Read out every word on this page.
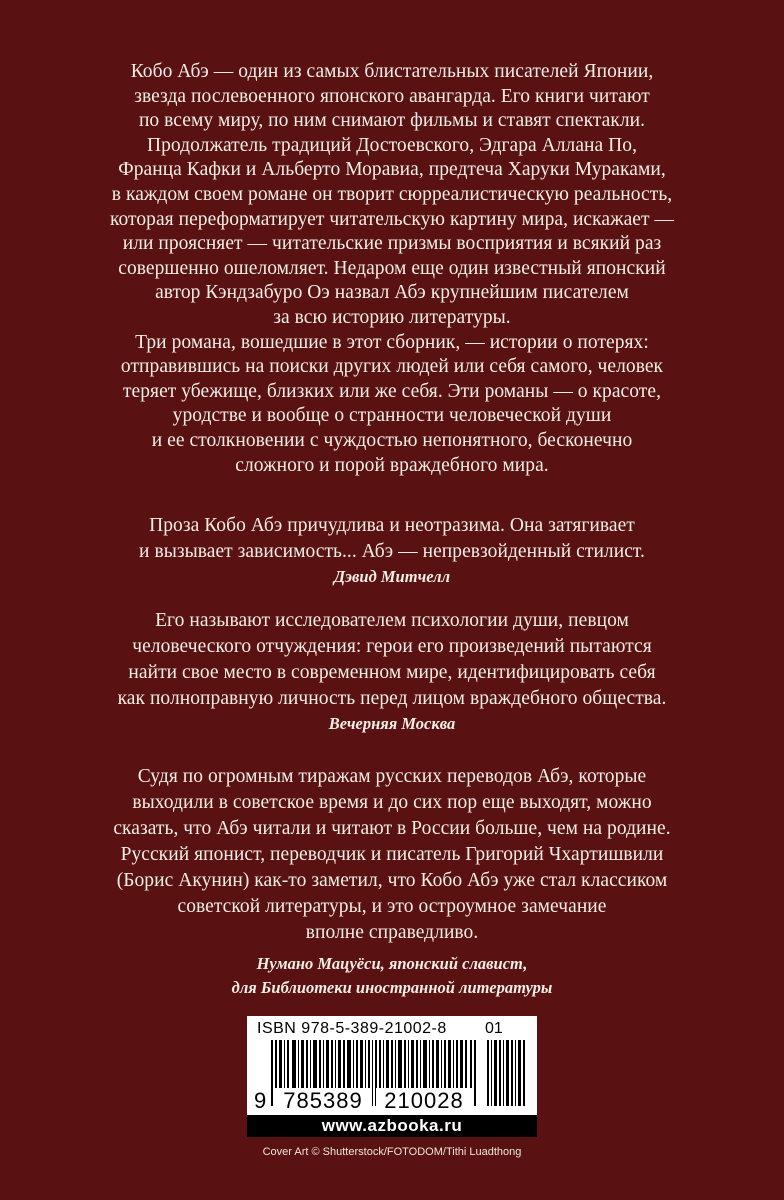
Кобо Абэ — один из самых блистательных писателей Японии,
звезда послевоенного японского авангарда. Его книги читают
по всему миру, по ним снимают фильмы и ставят спектакли.
Продолжатель традиций Достоевского, Эдгара Аллана По,
Франца Кафки и Альберто Моравиа, предтеча Харуки Мураками,
в каждом своем романе он творит сюрреалистическую реальность,
которая переформатирует читательскую картину мира, искажает —
или проясняет — читательские призмы восприятия и всякий раз
совершенно ошеломляет. Недаром еще один известный японский
автор Кэндзабуро Оэ назвал Абэ крупнейшим писателем
за всю историю литературы.
Три романа, вошедшие в этот сборник, — истории о потерях:
отправившись на поиски других людей или себя самого, человек
теряет убежище, близких или же себя. Эти романы — о красоте,
уродстве и вообще о странности человеческой души
и ее столкновении с чуждостью непонятного, бесконечно
сложного и порой враждебного мира.
Проза Кобо Абэ причудлива и неотразима. Она затягивает
и вызывает зависимость... Абэ — непревзойденный стилист.
Дэвид Митчелл
Его называют исследователем психологии души, певцом
человеческого отчуждения: герои его произведений пытаются
найти свое место в современном мире, идентифицировать себя
как полноправную личность перед лицом враждебного общества.
Вечерняя Москва
Судя по огромным тиражам русских переводов Абэ, которые
выходили в советское время и до сих пор еще выходят, можно
сказать, что Абэ читали и читают в России больше, чем на родине.
Русский японист, переводчик и писатель Григорий Чхартишвили
(Борис Акунин) как-то заметил, что Кобо Абэ уже стал классиком
советской литературы, и это остроумное замечание
вполне справедливо.
Нумано Мацуёси, японский славист,
для Библиотеки иностранной литературы
ISBN 978-5-389-21002-8 01
9 785389 210028
www.azbooka.ru
Cover Art © Shutterstock/FOTODOM/Tithi Luadthong
